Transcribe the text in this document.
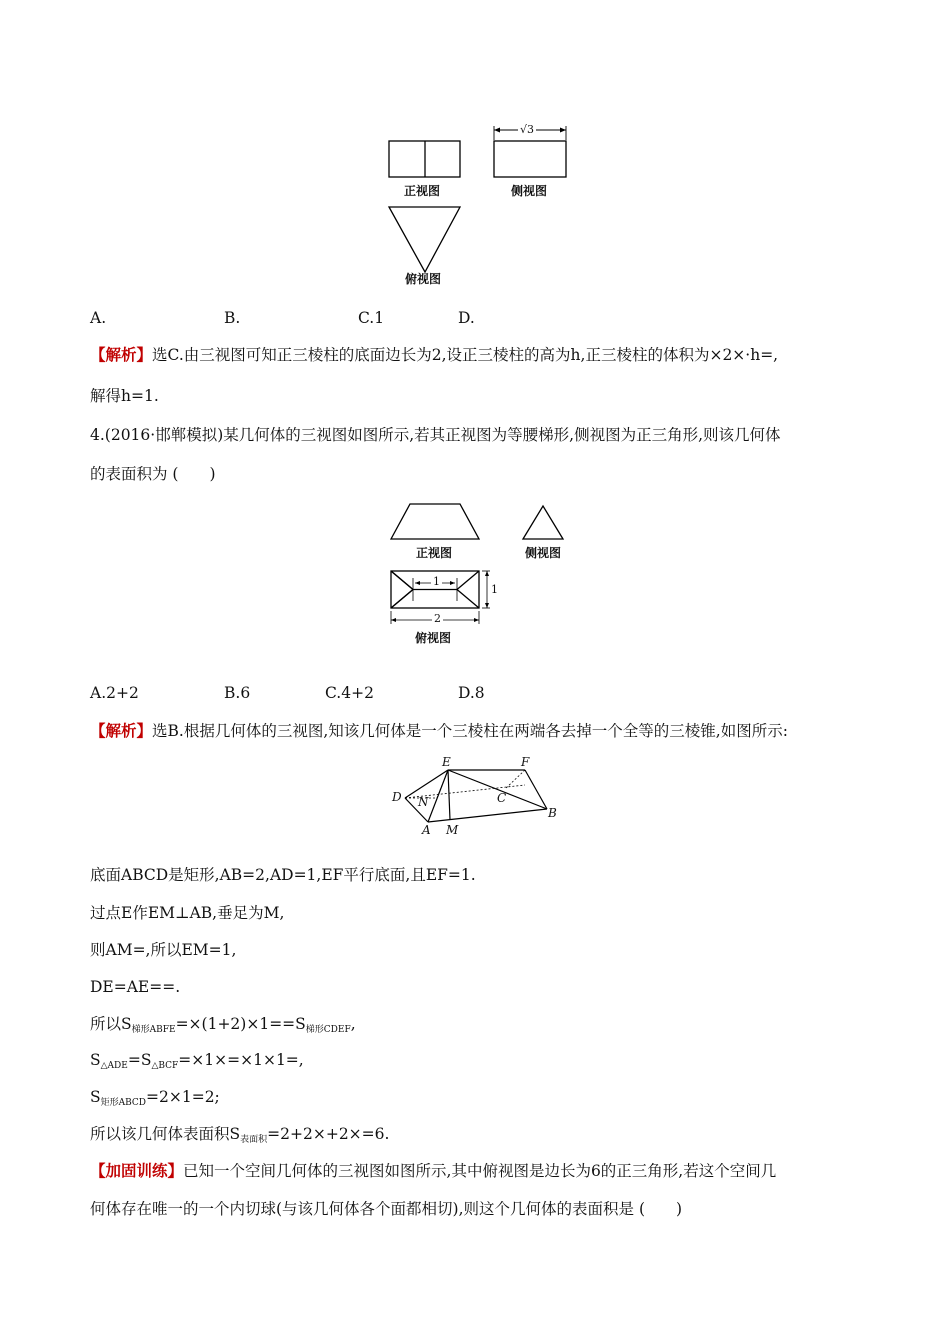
√3
正视图	侧视图
俯视图
A.	B.	C.1	D.
【解析】选C.由三视图可知正三棱柱的底面边长为2,设正三棱柱的高为h,正三棱柱的体积为×2×·h=,
解得h=1.
4.(2016·邯郸模拟)某几何体的三视图如图所示,若其正视图为等腰梯形,侧视图为正三角形,则该几何体
的表面积为 (　　)
1
1
2
正视图	侧视图
俯视图
A.2+2	B.6	C.4+2	D.8
【解析】选B.根据几何体的三视图,知该几何体是一个三棱柱在两端各去掉一个全等的三棱锥,如图所示:
D
E	F
N	C
A M
B
底面ABCD是矩形,AB=2,AD=1,EF平行底面,且EF=1.
过点E作EM⊥AB,垂足为M,
则AM=,所以EM=1,
DE=AE==.
所以$S_{梯形ABFE}=\times(1+2)\times 1==S_{梯形CDEF}$,
$S_{\triangle ADE}=S_{\triangle BCF}=\times 1\times=\times 1\times 1=$,
$S_{矩形ABCD}=2\times 1=2$;
所以该几何体表面积$S_{表面积}=2+2\times+2\times=6$.
【加固训练】已知一个空间几何体的三视图如图所示,其中俯视图是边长为6的正三角形,若这个空间几
何体存在唯一的一个内切球(与该几何体各个面都相切),则这个几何体的表面积是 (　　)
